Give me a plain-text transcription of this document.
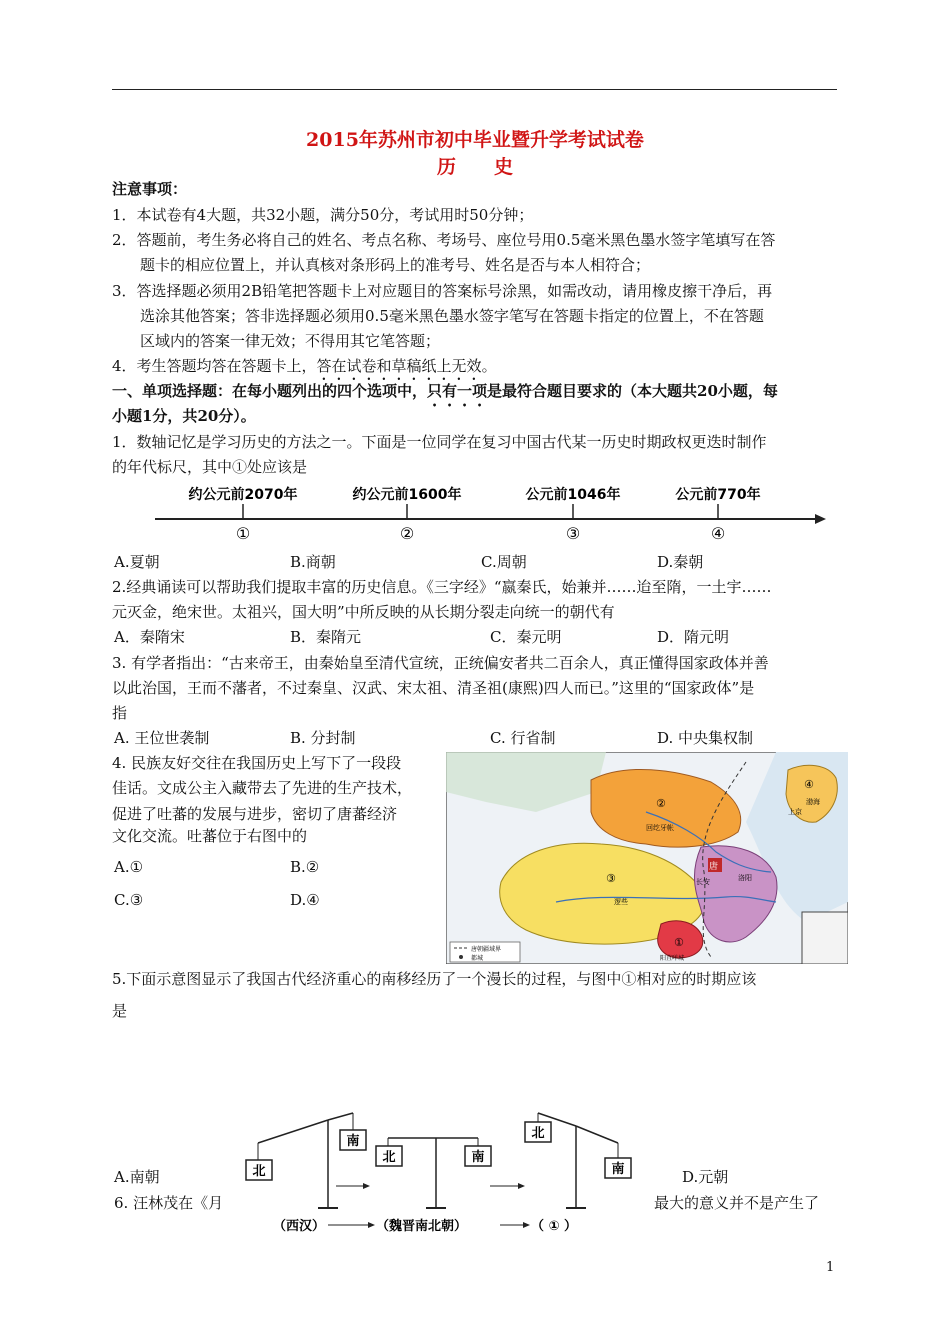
2015年苏州市初中毕业暨升学考试试卷
历　　史
注意事项：
1．本试卷有4大题，共32小题，满分50分，考试用时50分钟；
2．答题前，考生务必将自己的姓名、考点名称、考场号、座位号用0.5毫米黑色墨水签字笔填写在答
题卡的相应位置上，并认真核对条形码上的准考号、姓名是否与本人相符合；
3．答选择题必须用2B铅笔把答题卡上对应题目的答案标号涂黑，如需改动，请用橡皮擦干净后，再
选涂其他答案；答非选择题必须用0.5毫米黑色墨水签字笔写在答题卡指定的位置上，不在答题
区域内的答案一律无效；不得用其它笔答题；
4．考生答题均答在答题卡上，答在试卷和草稿纸上无效。
一、单项选择题：在每小题列出的四个选项中，只有一项是最符合题目要求的（本大题共20小题，每
小题1分，共20分）。
1．数轴记忆是学习历史的方法之一。下面是一位同学在复习中国古代某一历史时期政权更迭时制作
的年代标尺，其中①处应该是
约公元前2070年	约公元前1600年	公元前1046年	公元前770年
①	②	③	④
A.夏朝	B.商朝	C.周朝	D.秦朝
2.经典诵读可以帮助我们提取丰富的历史信息。《三字经》“嬴秦氏，始兼并……迨至隋，一土宇……
元灭金，绝宋世。太祖兴，国大明”中所反映的从长期分裂走向统一的朝代有
A．秦隋宋	B．秦隋元	C．秦元明	D．隋元明
3. 有学者指出：“古来帝王，由秦始皇至清代宣统，正统偏安者共二百余人，真正懂得国家政体并善
以此治国，王而不藩者，不过秦皇、汉武、宋太祖、清圣祖(康熙)四人而已。”这里的“国家政体”是
指
A. 王位世袭制	B. 分封制	C. 行省制	D. 中央集权制
4. 民族友好交往在我国历史上写下了一段段
佳话。文成公主入藏带去了先进的生产技术，
促进了吐蕃的发展与进步，密切了唐蕃经济
文化交流。吐蕃位于右图中的
A.①	B.②
C.③	D.④
唐朝疆域界
都城
①
②
③
④
回纥牙帐
渤海
上京
唐
长安	洛阳
逻些
阳苴咩城
5.下面示意图显示了我国古代经济重心的南移经历了一个漫长的过程，与图中①相对应的时期应该
是
北
南
北	南
北
南
（西汉）	（魏晋南北朝）	（ ① ）
A.南朝	D.元朝
6. 汪林茂在《月	最大的意义并不是产生了
1
